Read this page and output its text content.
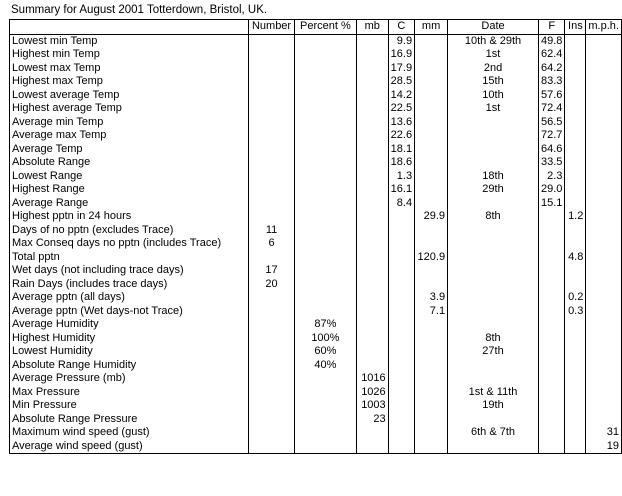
Summary for August 2001 Totterdown, Bristol, UK.
	Number	Percent %	mb	C	mm	Date	F	Ins	m.p.h.
Lowest min Temp				9.9		10th & 29th	49.8		
Highest min Temp				16.9		1st	62.4		
Lowest max Temp				17.9		2nd	64.2		
Highest max Temp				28.5		15th	83.3		
Lowest average Temp				14.2		10th	57.6		
Highest average Temp				22.5		1st	72.4		
Average min Temp				13.6			56.5		
Average max Temp				22.6			72.7		
Average Temp				18.1			64.6		
Absolute Range				18.6			33.5		
Lowest Range				1.3		18th	2.3		
Highest Range				16.1		29th	29.0		
Average Range				8.4			15.1		
Highest pptn in 24 hours					29.9	8th		1.2	
Days of no pptn (excludes Trace)	11								
Max Conseq days no pptn (includes Trace)	6								
Total pptn					120.9			4.8	
Wet days (not including trace days)	17								
Rain Days (includes trace days)	20								
Average pptn (all days)					3.9			0.2	
Average pptn (Wet days-not Trace)					7.1			0.3	
Average Humidity		87%							
Highest Humidity		100%				8th			
Lowest Humidity		60%				27th			
Absolute Range Humidity		40%							
Average Pressure (mb)			1016						
Max Pressure			1026			1st & 11th			
Min Pressure			1003			19th			
Absolute Range Pressure			23						
Maximum wind speed (gust)						6th & 7th			31
Average wind speed (gust)									19
